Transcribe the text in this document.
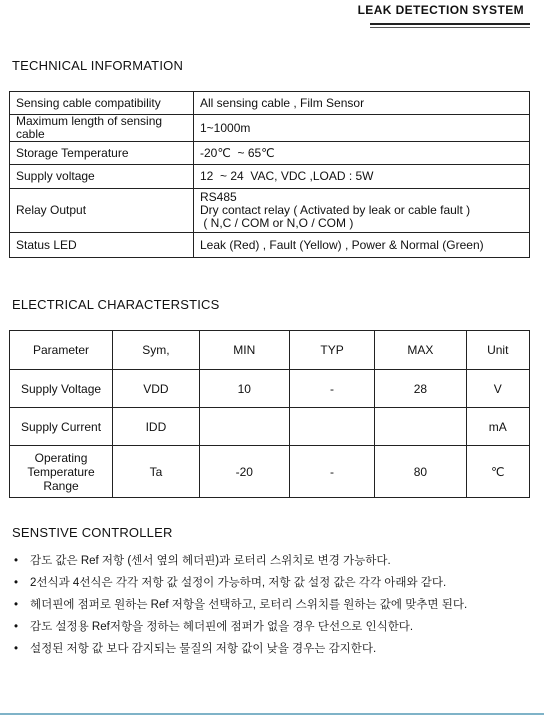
LEAK DETECTION SYSTEM
TECHNICAL INFORMATION
Sensing cable compatibility	All sensing cable , Film Sensor

Maximum length of sensing cable	1~1000m

Storage Temperature	-20℃  ~ 65℃

Supply voltage	12  ~ 24  VAC, VDC ,LOAD : 5W

Relay Output	RS485
Dry contact relay ( Activated by leak or cable fault )
( N,C / COM or N,O / COM )

Status LED	Leak (Red) , Fault (Yellow) , Power & Normal (Green)
ELECTRICAL CHARACTERSTICS
Parameter	Sym,	MIN	TYP	MAX	Unit
Supply Voltage	VDD	10	-	28	V
Supply Current	IDD				mA
Operating Temperature Range	Ta	-20	-	80	℃
SENSTIVE CONTROLLER
• 감도 값은 Ref 저항 (센서 옆의 헤더핀)과 로터리 스위치로 변경 가능하다.
• 2선식과 4선식은 각각 저항 값 설정이 가능하며, 저항 값 설정 값은 각각 아래와 같다.
• 헤더핀에 점퍼로 원하는 Ref 저항을 선택하고, 로터리 스위치를 원하는 값에 맞추면 된다.
• 감도 설정용 Ref저항을 정하는 헤더핀에 점퍼가 없을 경우 단선으로 인식한다.
• 설정된 저항 값 보다 감지되는 물질의 저항 값이 낮을 경우는 감지한다.
